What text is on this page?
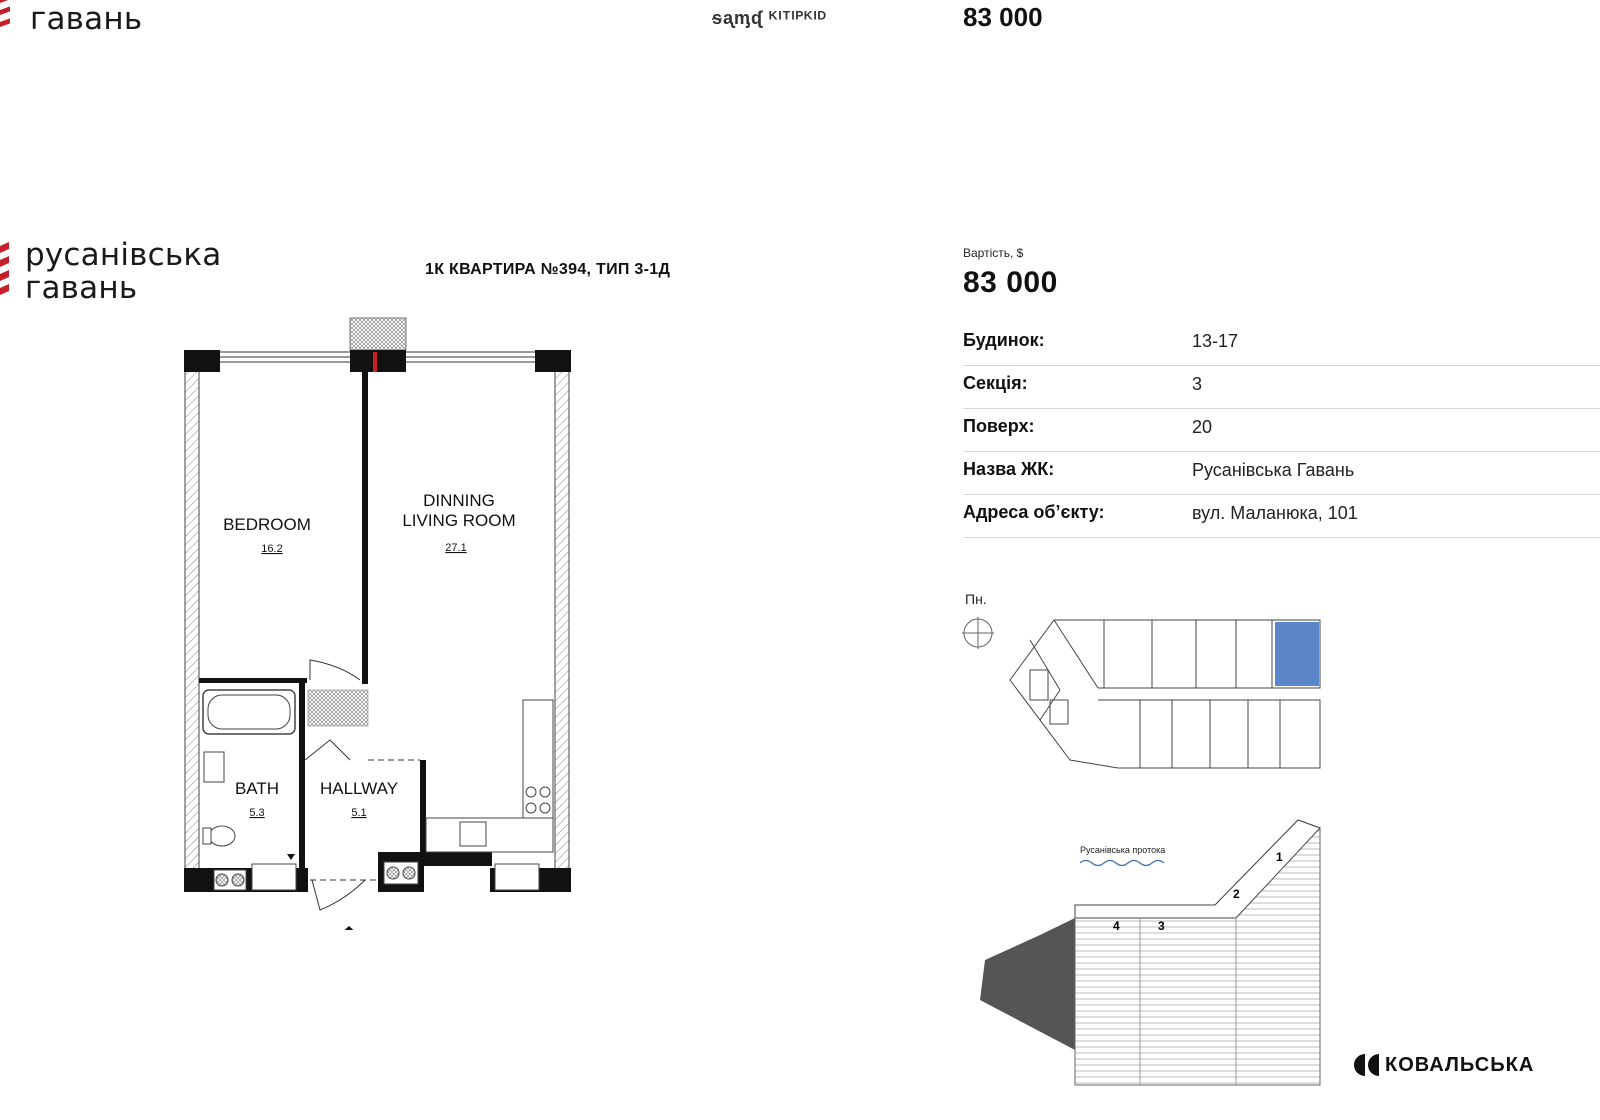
гавань	ᵴᶏᶆᶑ ᴷᴵᵀᴵᴾᴷᴵᴰ	83 000
русанівська
гавань
1К КВАРТИРА №394, ТИП 3-1Д
Вартість, $
83 000
Будинок:	13-17
Секція:	3
Поверх:	20
Назва ЖК:	Русанівська Гавань
Адреса об’єкту:	вул. Маланюка, 101
BEDROOM
16.2
DINNING
LIVING ROOM
27.1
BATH
5.3
HALLWAY
5.1
Пн.
Русанівська протока	1
2
3
4
КОВАЛЬСЬКА
